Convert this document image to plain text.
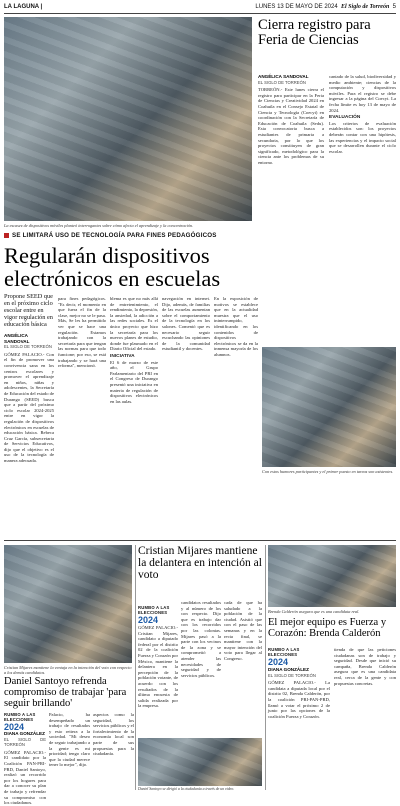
LA LAGUNA |	LUNES 13 DE MAYO DE 2024 El Siglo de Torreón 5
La escasez de dispositivos móviles planteó interrogantes sobre cómo afecta el aprendizaje y la concentración.
Cierra registro para Feria de Ciencias
ANGÉLICA SANDOVAL
EL SIGLO DE TORREÓN
TORREÓN.- Este lunes cierra el registro para participar en la Feria de Ciencias y Creatividad 2024 en Coahuila en el Consejo Estatal de Ciencia y Tecnología (Coecyt) en coordinación con la Secretaría de Educación de Coahuila (Sedu). Esta convocatoria busca a estudiantes de primaria a secundaria, por lo que los proyectos constituyen de gran significado, metodológico para la ciencia ante los problemas de su entorno.
cantado de la salud, biodiversidad y medio ambiente; ciencias de la computación y dispositivos móviles. Para el registro se debe ingresar a la página del Coecyt. La fecha límite es hoy 13 de mayo de 2024.
EVALUACIÓN
Los criterios de evaluación establecidos son: los proyectos deberán contar con una hipótesis, las experiencias y el impacto social que se desarrollen durante el ciclo escolar.
SE LIMITARÁ USO DE TECNOLOGÍA PARA FINES PEDAGÓGICOS
Regularán dispositivos electrónicos en escuelas
Propone SEED que en el próximo ciclo escolar entre en vigor regulación en educación básica
ANGÉLICA SANDOVAL
EL SIGLO DE TORREÓN
GÓMEZ PALACIO.- Con el fin de promover una convivencia sana en los centros escolares y promover el aprendizaje en niños, niñas y adolescentes, la Secretaría de Educación del estado de Durango (SEED) busca que a partir del próximo ciclo escolar 2024-2025 entre en vigor la regulación de dispositivos electrónicos en escuelas de educación básica. Rebeca Cruz García, subsecretaria de Servicios Educativos, dijo que el objetivo es el uso de la tecnología de manera adecuada.
para fines pedagógicos. "Es decir, el momento en que fuera el fin de la clase, mejor no se le pasa. Más, Se les ha permitido ver que se hace una regulación. Estamos trabajando con la secretaría para que tengan las normas para que todo funcione; por eso, se está trabajando y se hará una reforma", mencionó.
blema es que no más allá de entretenimiento, el rendimiento, la depresión, la ansiedad, la adicción a las redes sociales. Es el único proyecto que hizo la secretaría para los nuevos planes de estudio, donde fue plasmado en el Diario Oficial del estado.
INICIATIVA
El 6 de marzo de este año, el Grupo Parlamentario del PRI en el Congreso de Durango presentó una iniciativa en materia de regulación de dispositivos electrónicos en las aulas.
navegación en internet. Dijo, además, de familias de las escuelas aumentan sobre el comportamiento de la tecnología en los salones. Comentó que es necesario seguir escuchando las opiniones de la comunidad estudiantil y docentes.
En la exposición de motivos se establece que en la actualidad muestra que el uso ininterrumpido, identificando en los contenidos de dispositivos electrónicos se da en la inmensa mayoría de los alumnos.
Con estos humores participantes y el primer puesto en tareas son asistentes.
Cristian Mijares mantiene la ventaja en la intención del voto con respecto a los demás candidatos.
Cristian Mijares mantiene la delantera en intención al voto
RUMBO A LAS ELECCIONES
2024
GÓMEZ PALACIO.- Cristian Mijares, candidato a diputado federal por el distrito 02 de la coalición Fuerza y Corazón por México, mantiene la delantera en la percepción de la población votante, de acuerdo con los resultados de la última encuesta de salida realizada por la empresa.
candidatos resultados y al número de los con respecto. Dijo que es trabajo dar con los recorridos por las colonias. Mijares pasó a la parte con los vecinos de la zona y se comprometió a atender las necesidades de seguridad y de servicios públicos.
cada de que ha saludado a la población de la ciudad. Asistió que con el paso de las semanas y en la recta final, se mantiene con la mayor intención del voto para llegar al Congreso.
Daniel Santoyo refrenda compromiso de trabajar 'para seguir brillando'
RUMBO A LAS ELECCIONES
2024
DIANA GONZÁLEZ
EL SIGLO DE TORREÓN
GÓMEZ PALACIO.- El candidato por la Coalición PAN-PRI-PRD, Daniel Santoyo, realizó un recorrido por los hogares para dar a conocer su plan de trabajo y refrendar su compromiso con los ciudadanos.
Palacio, ha desempeñado un trabajo de resultados y esto reitera a la sociedad. "Mi deseo de seguir trabajando a la gente es mi prioridad; tengo claro que la ciudad merece tener lo mejor", dijo.
aspectos como la seguridad, los servicios públicos y el fortalecimiento de la economía local son parte de sus propuestas para la ciudadanía.
Daniel Santoyo se dirigió a la ciudadanía a través de un video.
Brenda Calderón asegura que es una candidata real.
El mejor equipo es Fuerza y Corazón: Brenda Calderón
RUMBO A LAS ELECCIONES
2024
DIANA GONZÁLEZ
EL SIGLO DE TORREÓN
GÓMEZ PALACIO.- La candidata a diputada local por el distrito 02, Brenda Calderón, por la coalición PRI-PAN-PRD, llamó a votar el próximo 2 de junio por las opciones de la coalición Fuerza y Corazón.
tienda de que las peticiones ciudadanas son de trabajo y seguridad. Desde que inició su campaña, Brenda Calderón asegura que es una candidata real, cerca de la gente y con propuestas concretas.
